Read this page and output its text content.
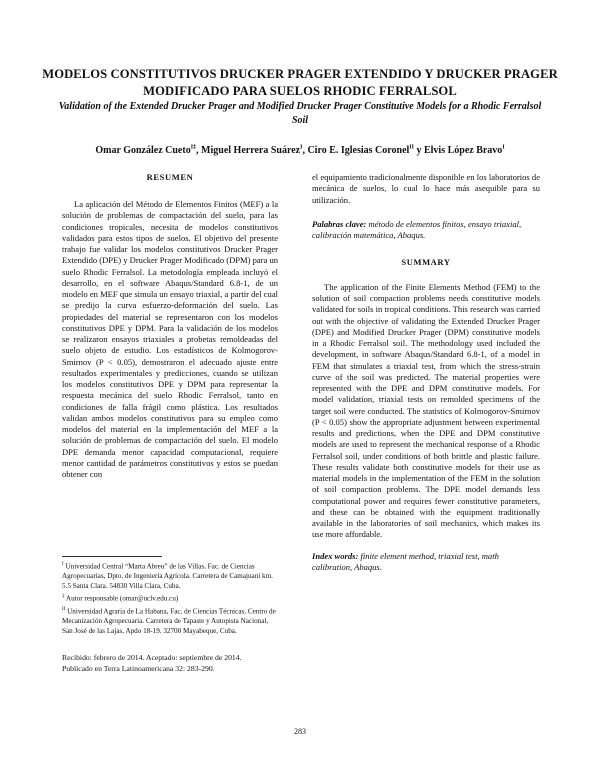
MODELOS CONSTITUTIVOS DRUCKER PRAGER EXTENDIDO Y DRUCKER PRAGER MODIFICADO PARA SUELOS RHODIC FERRALSOL
Validation of the Extended Drucker Prager and Modified Drucker Prager Constitutive Models for a Rhodic Ferralsol Soil
Omar González Cueto$^{I\ddagger}$, Miguel Herrera Suárez$^I$, Ciro E. Iglesias Coronel$^{II}$ y Elvis López Bravo$^I$
RESUMEN

La aplicación del Método de Elementos Finitos (MEF) a la solución de problemas de compactación del suelo, para las condiciones tropicales, necesita de modelos constitutivos validados para estos tipos de suelos. El objetivo del presente trabajo fue validar los modelos constitutivos Drucker Prager Extendido (DPE) y Drucker Prager Modificado (DPM) para un suelo Rhodic Ferralsol. La metodología empleada incluyó el desarrollo, en el software Abaqus/Standard 6.8-1, de un modelo en MEF que simula un ensayo triaxial, a partir del cual se predijo la curva esfuerzo-deformación del suelo. Las propiedades del material se representaron con los modelos constitutivos DPE y DPM. Para la validación de los modelos se realizaron ensayos triaxiales a probetas remoldeadas del suelo objeto de estudio. Los estadísticos de Kolmogorov-Smirnov (P < 0.05), demostraron el adecuado ajuste entre resultados experimentales y predicciones, cuando se utilizan los modelos constitutivos DPE y DPM para representar la respuesta mecánica del suelo Rhodic Ferralsol, tanto en condiciones de falla frágil como plástica. Los resultados validan ambos modelos constitutivos para su empleo como modelos del material en la implementación del MEF a la solución de problemas de compactación del suelo. El modelo DPE demanda menor capacidad computacional, requiere menor cantidad de parámetros constitutivos y estos se puedan obtener con

el equipamiento tradicionalmente disponible en los laboratorios de mecánica de suelos, lo cual lo hace más asequible para su utilización.

Palabras clave: método de elementos finitos, ensayo triaxial, calibración matemática, Abaqus.

SUMMARY

The application of the Finite Elements Method (FEM) to the solution of soil compaction problems needs constitutive models validated for soils in tropical conditions. This research was carried out with the objective of validating the Extended Drucker Prager (DPE) and Modified Drucker Prager (DPM) constitutive models in a Rhodic Ferralsol soil. The methodology used included the development, in software Abaqus/Standard 6.8-1, of a model in FEM that simulates a triaxial test, from which the stress-strain curve of the soil was predicted. The material properties were represented with the DPE and DPM constitutive models. For model validation, triaxial tests on remolded specimens of the target soil were conducted. The statistics of Kolmogorov-Smirnov (P < 0.05) show the appropriate adjustment between experimental results and predictions, when the DPE and DPM constitutive models are used to represent the mechanical response of a Rhodic Ferralsol soil, under conditions of both brittle and plastic failure. These results validate both constitutive models for their use as material models in the implementation of the FEM in the solution of soil compaction problems. The DPE model demands less computational power and requires fewer constitutive parameters, and these can be obtained with the equipment traditionally available in the laboratories of soil mechanics, which makes its use more affordable.

Index words: finite element method, triaxial test, math calibration, Abaqus.

$^I$ Universidad Central “Marta Abreu” de las Villas, Fac. de Ciencias Agropecuarias, Dpto. de Ingeniería Agrícola. Carretera de Camajuaní km. 5.5 Santa Clara. 54830 Villa Clara, Cuba.

‡ Autor responsable (omar@uclv.edu.cu)

$^{II}$ Universidad Agraria de La Habana, Fac. de Ciencias Técnicas, Centro de Mecanización Agropecuaria. Carretera de Tapaste y Autopista Nacional, San José de las Lajas, Apdo 18-19. 32700 Mayabeque, Cuba.

Recibido: febrero de 2014. Aceptado: septiembre de 2014.
Publicado en Terra Latinoamericana 32: 283-290.
283
